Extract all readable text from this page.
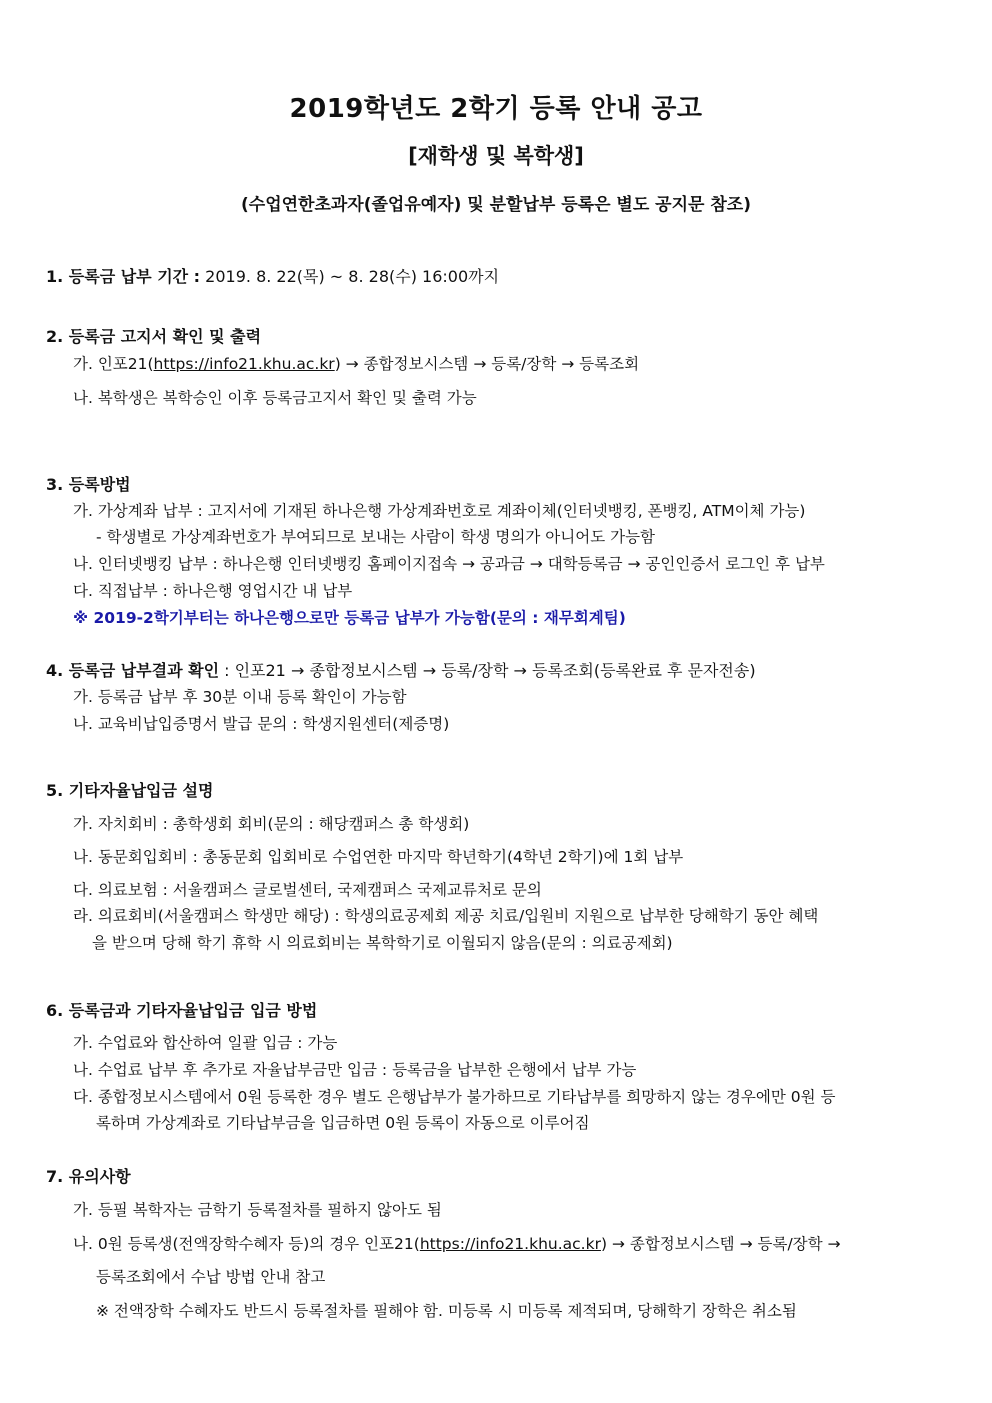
2019학년도 2학기 등록 안내 공고
[재학생 및 복학생]
(수업연한초과자(졸업유예자) 및 분할납부 등록은 별도 공지문 참조)
1. 등록금 납부 기간 : 2019. 8. 22(목) ~ 8. 28(수) 16:00까지
2. 등록금 고지서 확인 및 출력
가. 인포21(https://info21.khu.ac.kr) → 종합정보시스템 → 등록/장학 → 등록조회
나. 복학생은 복학승인 이후 등록금고지서 확인 및 출력 가능
3. 등록방법
가. 가상계좌 납부 : 고지서에 기재된 하나은행 가상계좌번호로 계좌이체(인터넷뱅킹, 폰뱅킹, ATM이체 가능)
- 학생별로 가상계좌번호가 부여되므로 보내는 사람이 학생 명의가 아니어도 가능함
나. 인터넷뱅킹 납부 : 하나은행 인터넷뱅킹 홈페이지접속 → 공과금 → 대학등록금 → 공인인증서 로그인 후 납부
다. 직접납부 : 하나은행 영업시간 내 납부
※ 2019-2학기부터는 하나은행으로만 등록금 납부가 가능함(문의 : 재무회계팀)
4. 등록금 납부결과 확인 : 인포21 → 종합정보시스템 → 등록/장학 → 등록조회(등록완료 후 문자전송)
가. 등록금 납부 후 30분 이내 등록 확인이 가능함
나. 교육비납입증명서 발급 문의 : 학생지원센터(제증명)
5. 기타자율납입금 설명
가. 자치회비 : 총학생회 회비(문의 : 해당캠퍼스 총 학생회)
나. 동문회입회비 : 총동문회 입회비로 수업연한 마지막 학년학기(4학년 2학기)에 1회 납부
다. 의료보험 : 서울캠퍼스 글로벌센터, 국제캠퍼스 국제교류처로 문의
라. 의료회비(서울캠퍼스 학생만 해당) : 학생의료공제회 제공 치료/입원비 지원으로 납부한 당해학기 동안 혜택
을 받으며 당해 학기 휴학 시 의료회비는 복학학기로 이월되지 않음(문의 : 의료공제회)
6. 등록금과 기타자율납입금 입금 방법
가. 수업료와 합산하여 일괄 입금 : 가능
나. 수업료 납부 후 추가로 자율납부금만 입금 : 등록금을 납부한 은행에서 납부 가능
다. 종합정보시스템에서 0원 등록한 경우 별도 은행납부가 불가하므로 기타납부를 희망하지 않는 경우에만 0원 등
록하며 가상계좌로 기타납부금을 입금하면 0원 등록이 자동으로 이루어짐
7. 유의사항
가. 등필 복학자는 금학기 등록절차를 필하지 않아도 됨
나. 0원 등록생(전액장학수혜자 등)의 경우 인포21(https://info21.khu.ac.kr) → 종합정보시스템 → 등록/장학 →
등록조회에서 수납 방법 안내 참고
※ 전액장학 수혜자도 반드시 등록절차를 필해야 함. 미등록 시 미등록 제적되며, 당해학기 장학은 취소됨
